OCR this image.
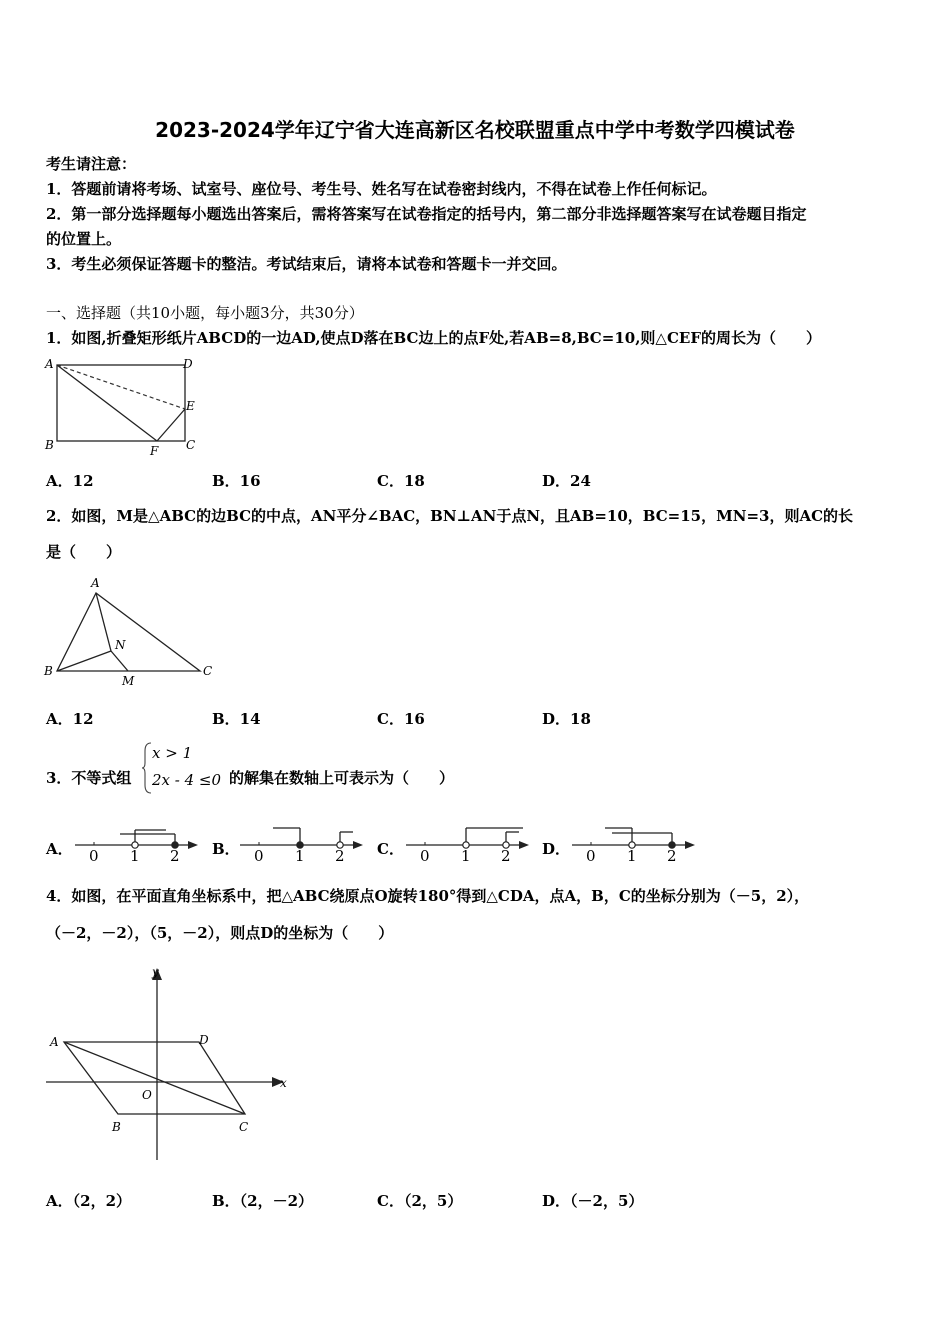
2023-2024学年辽宁省大连高新区名校联盟重点中学中考数学四模试卷
考生请注意：
1．答题前请将考场、试室号、座位号、考生号、姓名写在试卷密封线内，不得在试卷上作任何标记。
2．第一部分选择题每小题选出答案后，需将答案写在试卷指定的括号内，第二部分非选择题答案写在试卷题目指定
的位置上。
3．考生必须保证答题卡的整洁。考试结束后，请将本试卷和答题卡一并交回。
一、选择题（共10小题，每小题3分，共30分）
1．如图,折叠矩形纸片ABCD的一边AD,使点D落在BC边上的点F处,若AB=8,BC=10,则△CEF的周长为（　　）
A	D
E
B	F C
A．12	B．16	C．18	D．24
2．如图，M是△ABC的边BC的中点，AN平分∠BAC，BN⊥AN于点N，且AB=10，BC=15，MN=3，则AC的长
是（　　）
A
N
B
M
C
A．12	B．14	C．16	D．18
3．不等式组
x > 1
2x - 4 ≤0 的解集在数轴上可表示为（　　）
A． 0 1 2 B． 0 1 2 C． 0 1 2 D． 0 1 2
4．如图，在平面直角坐标系中，把△ABC绕原点O旋转180°得到△CDA，点A，B，C的坐标分别为（－5，2），
（－2，－2），（5，－2），则点D的坐标为（　　）
y
A	D
x
O
B	C
A．（2，2）	B．（2，－2）	C．（2，5）	D．（－2，5）
